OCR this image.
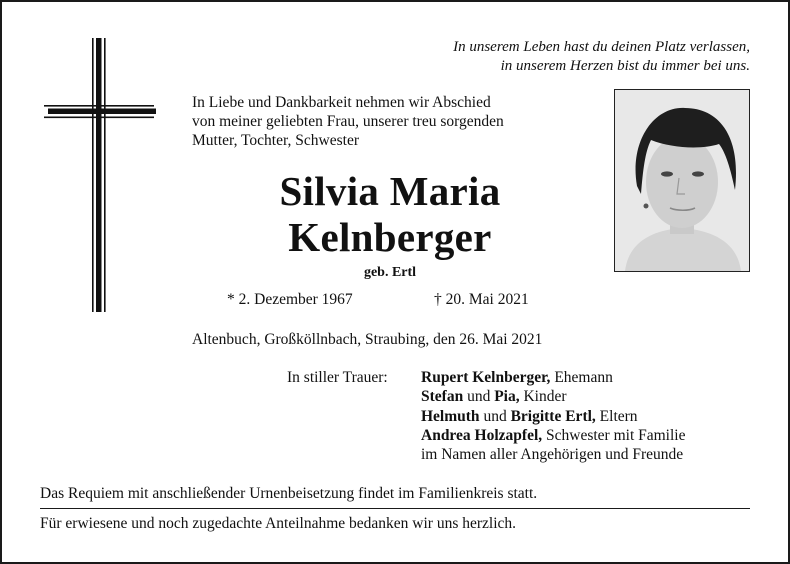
In unserem Leben hast du deinen Platz verlassen,
in unserem Herzen bist du immer bei uns.
In Liebe und Dankbarkeit nehmen wir Abschied
von meiner geliebten Frau, unserer treu sorgenden
Mutter, Tochter, Schwester
Silvia Maria
Kelnberger
geb. Ertl
* 2. Dezember 1967	† 20. Mai 2021
Altenbuch, Großköllnbach, Straubing, den 26. Mai 2021
In stiller Trauer: Rupert Kelnberger, Ehemann
Stefan und Pia, Kinder
Helmuth und Brigitte Ertl, Eltern
Andrea Holzapfel, Schwester mit Familie
im Namen aller Angehörigen und Freunde
Das Requiem mit anschließender Urnenbeisetzung findet im Familienkreis statt.
Für erwiesene und noch zugedachte Anteilnahme bedanken wir uns herzlich.
